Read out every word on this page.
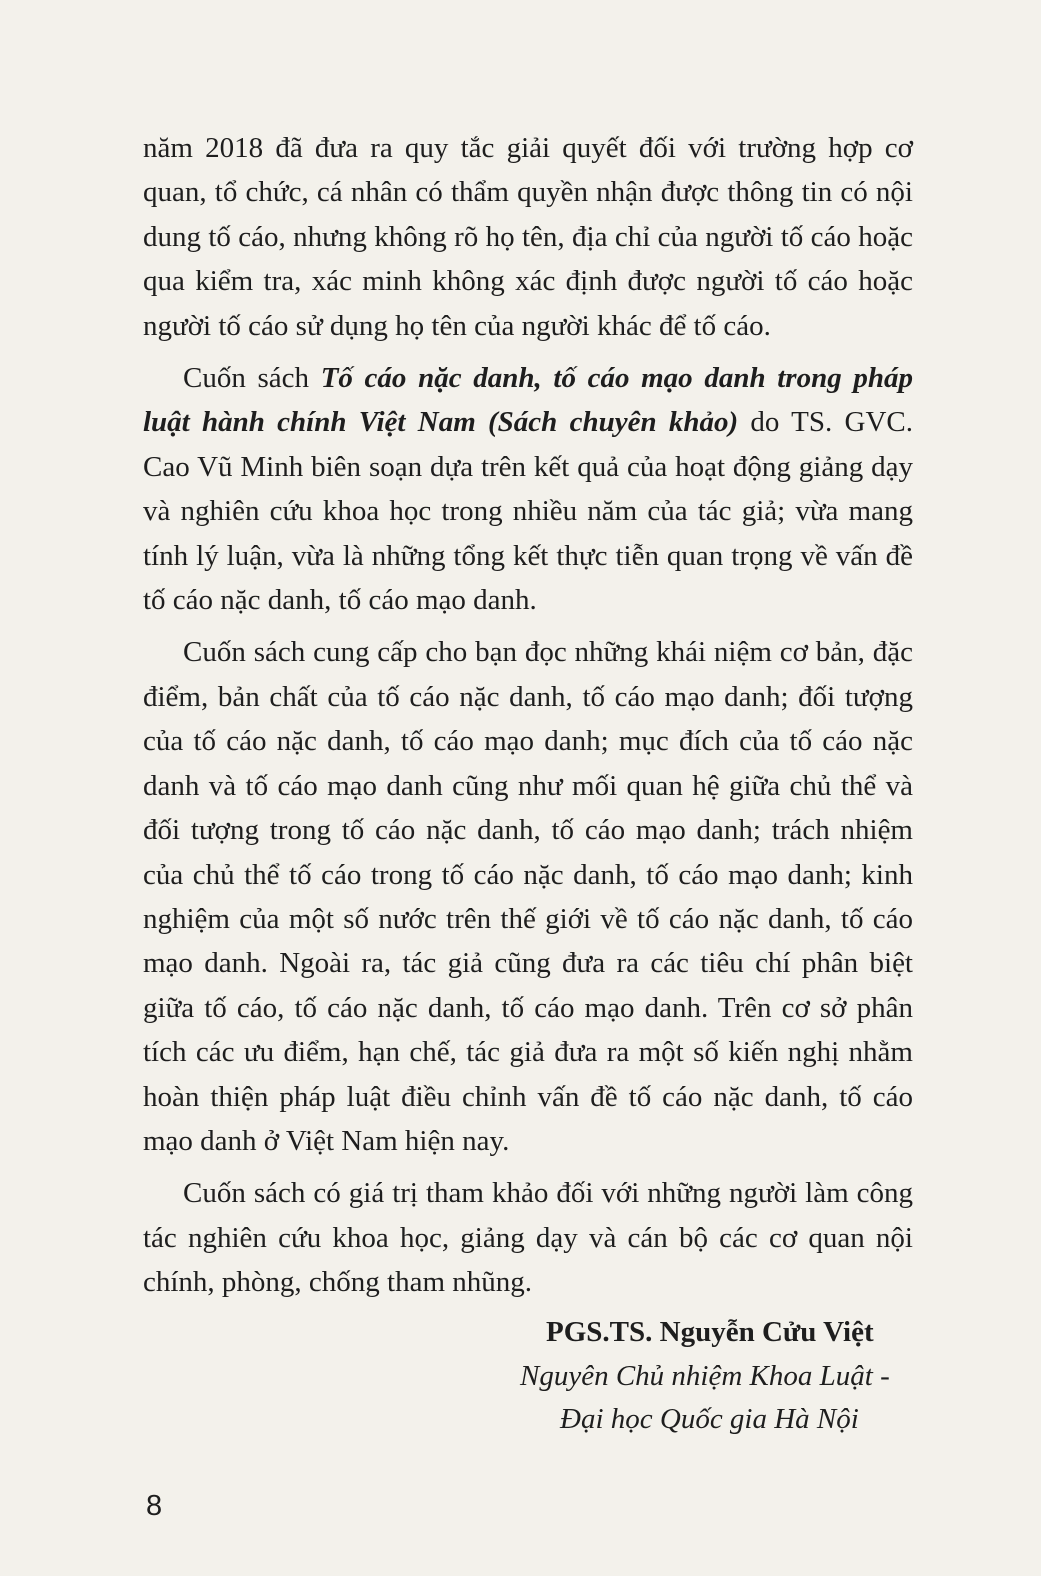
năm 2018 đã đưa ra quy tắc giải quyết đối với trường hợp cơ quan, tổ chức, cá nhân có thẩm quyền nhận được thông tin có nội dung tố cáo, nhưng không rõ họ tên, địa chỉ của người tố cáo hoặc qua kiểm tra, xác minh không xác định được người tố cáo hoặc người tố cáo sử dụng họ tên của người khác để tố cáo.

Cuốn sách Tố cáo nặc danh, tố cáo mạo danh trong pháp luật hành chính Việt Nam (Sách chuyên khảo) do TS. GVC. Cao Vũ Minh biên soạn dựa trên kết quả của hoạt động giảng dạy và nghiên cứu khoa học trong nhiều năm của tác giả; vừa mang tính lý luận, vừa là những tổng kết thực tiễn quan trọng về vấn đề tố cáo nặc danh, tố cáo mạo danh.

Cuốn sách cung cấp cho bạn đọc những khái niệm cơ bản, đặc điểm, bản chất của tố cáo nặc danh, tố cáo mạo danh; đối tượng của tố cáo nặc danh, tố cáo mạo danh; mục đích của tố cáo nặc danh và tố cáo mạo danh cũng như mối quan hệ giữa chủ thể và đối tượng trong tố cáo nặc danh, tố cáo mạo danh; trách nhiệm của chủ thể tố cáo trong tố cáo nặc danh, tố cáo mạo danh; kinh nghiệm của một số nước trên thế giới về tố cáo nặc danh, tố cáo mạo danh. Ngoài ra, tác giả cũng đưa ra các tiêu chí phân biệt giữa tố cáo, tố cáo nặc danh, tố cáo mạo danh. Trên cơ sở phân tích các ưu điểm, hạn chế, tác giả đưa ra một số kiến nghị nhằm hoàn thiện pháp luật điều chỉnh vấn đề tố cáo nặc danh, tố cáo mạo danh ở Việt Nam hiện nay.

Cuốn sách có giá trị tham khảo đối với những người làm công tác nghiên cứu khoa học, giảng dạy và cán bộ các cơ quan nội chính, phòng, chống tham nhũng.

PGS.TS. Nguyễn Cửu Việt
Nguyên Chủ nhiệm Khoa Luật -
Đại học Quốc gia Hà Nội
8
